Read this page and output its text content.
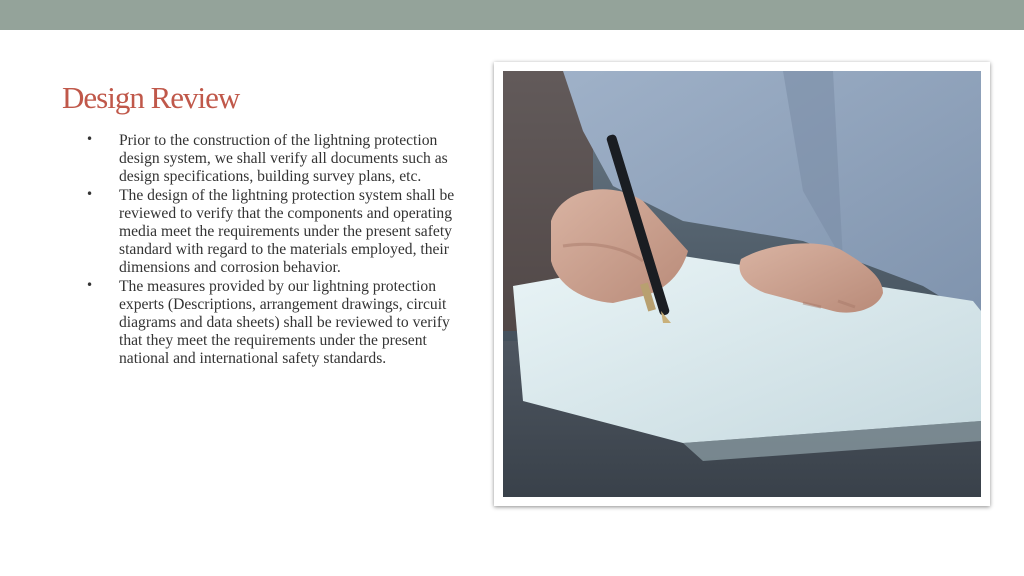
Design Review
• Prior to the construction of the lightning protection design system, we shall verify all documents such as design specifications, building survey plans, etc.
• The design of the lightning protection system shall be reviewed to verify that the components and operating media meet the requirements under the present safety standard with regard to the materials employed, their dimensions and corrosion behavior.
• The measures provided by our lightning protection experts (Descriptions, arrangement drawings, circuit diagrams and data sheets) shall be reviewed to verify that they meet the requirements under the present national and international safety standards.
